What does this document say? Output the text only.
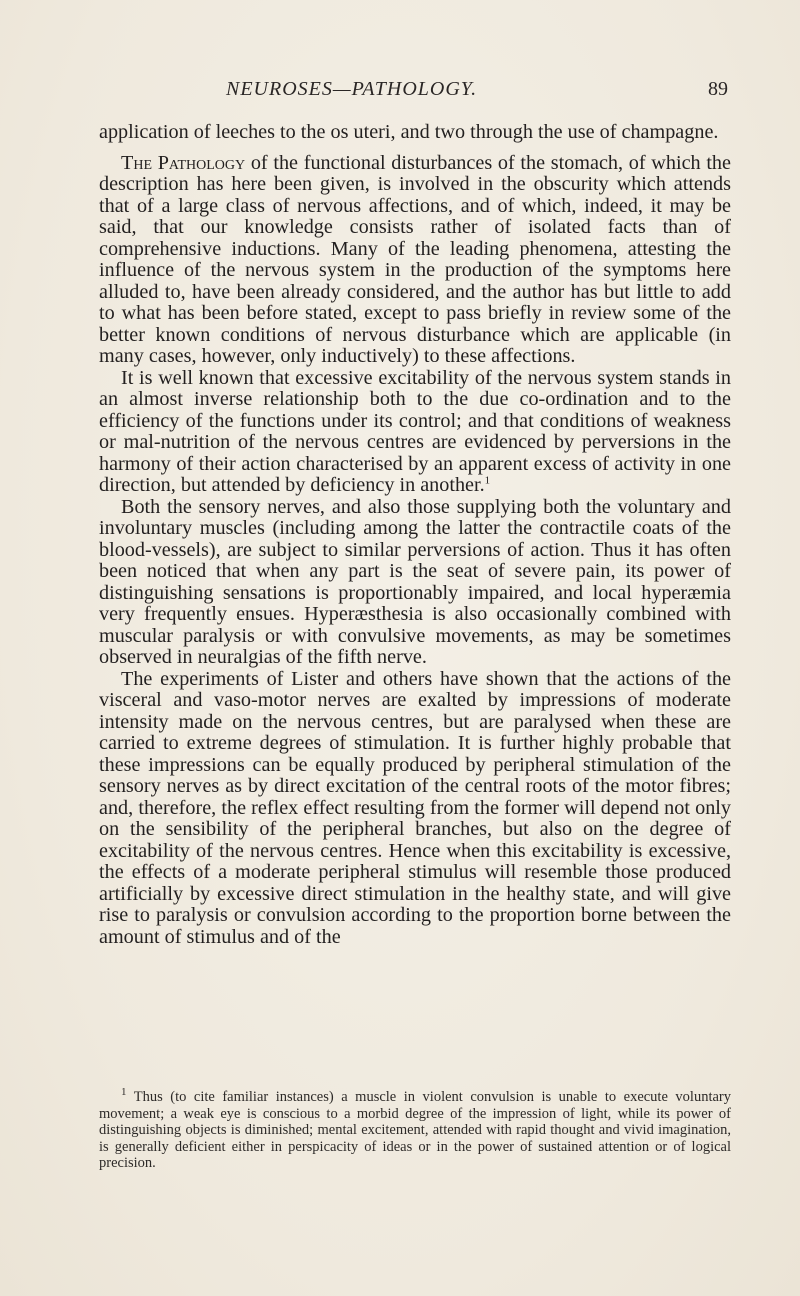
NEUROSES—PATHOLOGY.	89

application of leeches to the os uteri, and two through the use of champagne.

The Pathology of the functional disturbances of the stomach, of which the description has here been given, is involved in the obscurity which attends that of a large class of nervous affections, and of which, indeed, it may be said, that our knowledge consists rather of isolated facts than of comprehensive inductions. Many of the leading phenomena, attesting the influence of the nervous system in the production of the symptoms here alluded to, have been already considered, and the author has but little to add to what has been before stated, except to pass briefly in review some of the better known conditions of nervous disturbance which are applicable (in many cases, however, only inductively) to these affections.

It is well known that excessive excitability of the nervous system stands in an almost inverse relationship both to the due co-ordination and to the efficiency of the functions under its control; and that conditions of weakness or mal-nutrition of the nervous centres are evidenced by perversions in the harmony of their action characterised by an apparent excess of activity in one direction, but attended by deficiency in another.$^1$

Both the sensory nerves, and also those supplying both the voluntary and involuntary muscles (including among the latter the contractile coats of the blood-vessels), are subject to similar perversions of action. Thus it has often been noticed that when any part is the seat of severe pain, its power of distinguishing sensations is proportionably impaired, and local hyperæmia very frequently ensues. Hyperæsthesia is also occasionally combined with muscular paralysis or with convulsive movements, as may be sometimes observed in neuralgias of the fifth nerve.

The experiments of Lister and others have shown that the actions of the visceral and vaso-motor nerves are exalted by impressions of moderate intensity made on the nervous centres, but are paralysed when these are carried to extreme degrees of stimulation. It is further highly probable that these impressions can be equally produced by peripheral stimulation of the sensory nerves as by direct excitation of the central roots of the motor fibres; and, therefore, the reflex effect resulting from the former will depend not only on the sensibility of the peripheral branches, but also on the degree of excitability of the nervous centres. Hence when this excitability is excessive, the effects of a moderate peripheral stimulus will resemble those produced artificially by excessive direct stimulation in the healthy state, and will give rise to paralysis or convulsion according to the proportion borne between the amount of stimulus and of the

$^1$ Thus (to cite familiar instances) a muscle in violent convulsion is unable to execute voluntary movement; a weak eye is conscious to a morbid degree of the impression of light, while its power of distinguishing objects is diminished; mental excitement, attended with rapid thought and vivid imagination, is generally deficient either in perspicacity of ideas or in the power of sustained attention or of logical precision.
